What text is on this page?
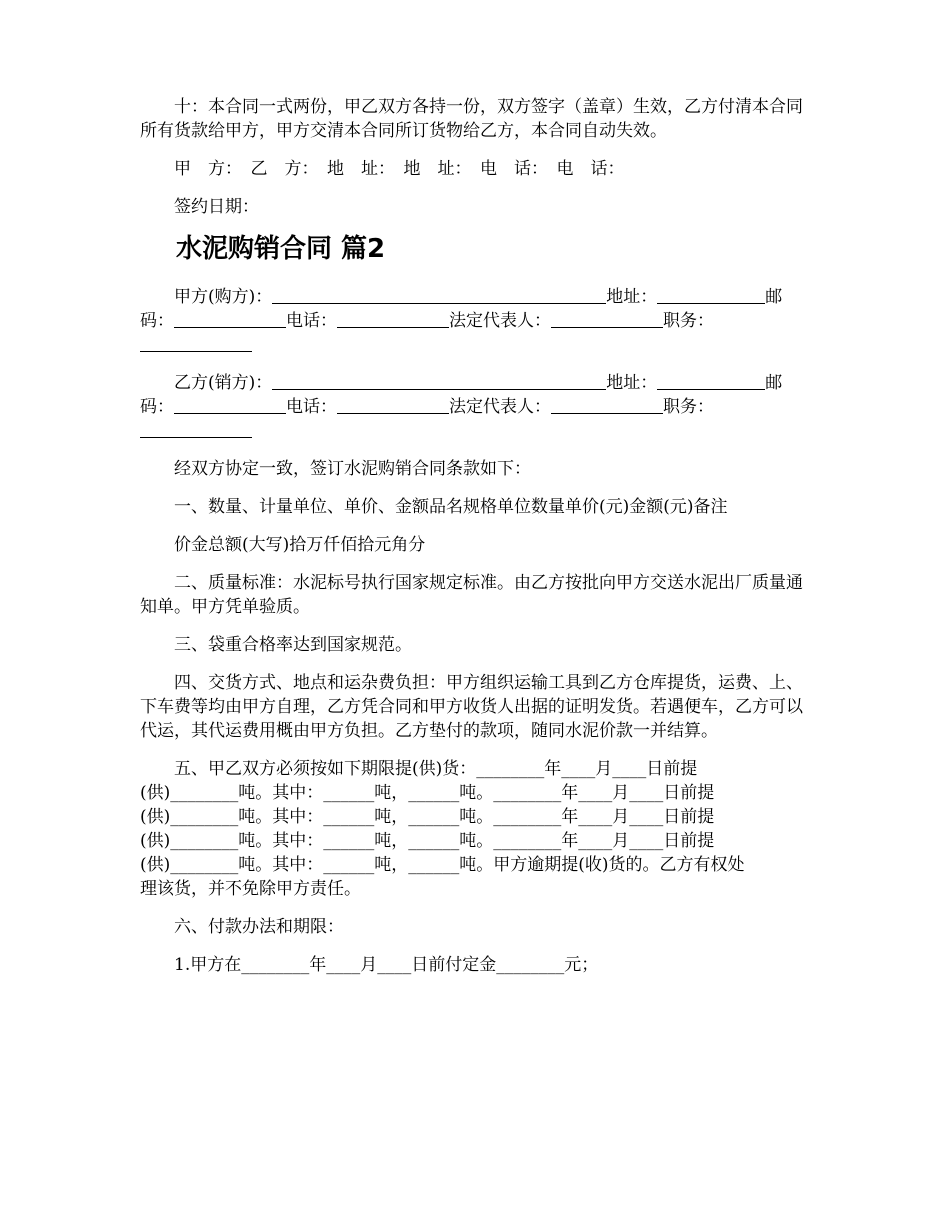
十：本合同一式两份，甲乙双方各持一份，双方签字（盖章）生效，乙方付清本合同所有货款给甲方，甲方交清本合同所订货物给乙方，本合同自动失效。

甲　方：　乙　方：　地　址：　地　址：　电　话：　电　话：

签约日期：

水泥购销合同 篇2

甲方(购方)：	地址：	邮码：	电话：	法定代表人：	职务：

乙方(销方)：	地址：	邮码：	电话：	法定代表人：	职务：

经双方协定一致，签订水泥购销合同条款如下：

一、数量、计量单位、单价、金额品名规格单位数量单价(元)金额(元)备注

价金总额(大写)拾万仟佰拾元角分

二、质量标准：水泥标号执行国家规定标准。由乙方按批向甲方交送水泥出厂质量通知单。甲方凭单验质。

三、袋重合格率达到国家规范。

四、交货方式、地点和运杂费负担：甲方组织运输工具到乙方仓库提货，运费、上、下车费等均由甲方自理，乙方凭合同和甲方收货人出据的证明发货。若遇便车，乙方可以代运，其代运费用概由甲方负担。乙方垫付的款项，随同水泥价款一并结算。

五、甲乙双方必须按如下期限提(供)货：________年____月____日前提

(供)________吨。其中：______吨，______吨。________年____月____日前提

(供)________吨。其中：______吨，______吨。________年____月____日前提

(供)________吨。其中：______吨，______吨。________年____月____日前提

(供)________吨。其中：______吨，______吨。甲方逾期提(收)货的。乙方有权处

理该货，并不免除甲方责任。

六、付款办法和期限：

1.甲方在________年____月____日前付定金________元；
